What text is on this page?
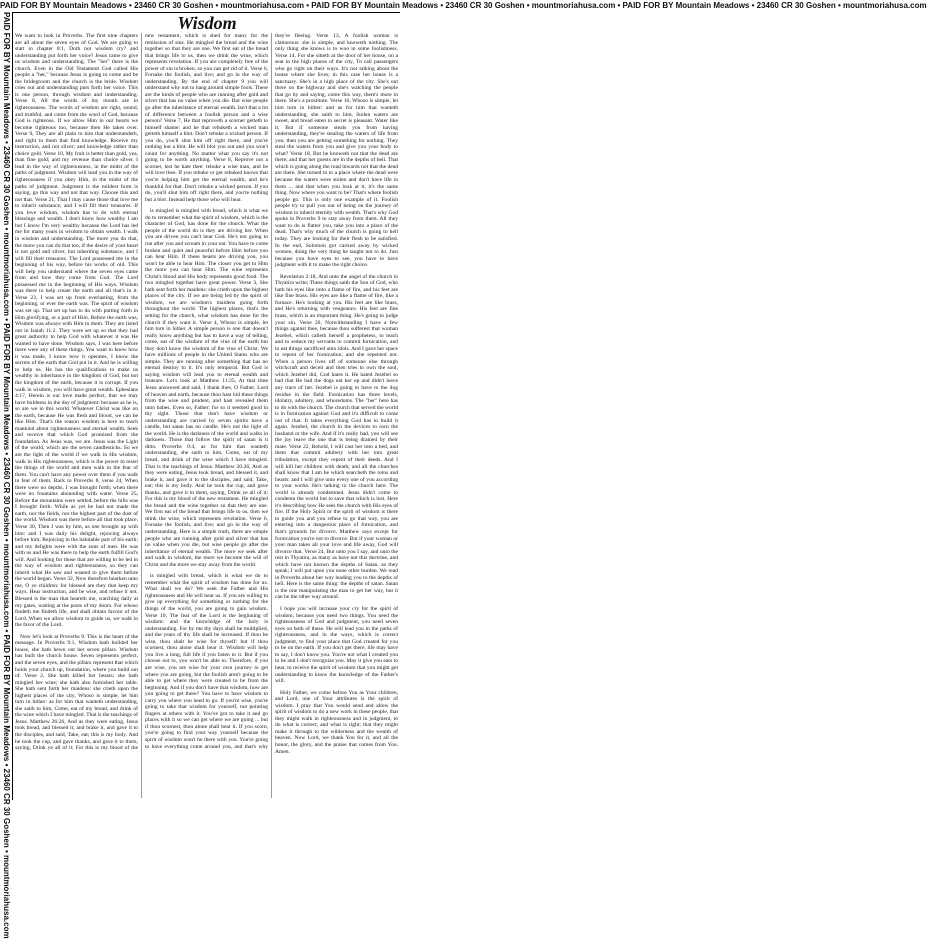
PAID FOR BY Mountain Meadows • 23460 CR 30 Goshen • mountmoriahusa.com • PAID FOR BY Mountain Meadows • 23460 CR 30 Goshen • mountmoriahusa.com • PAID FOR BY Mountain Meadows • 23460 CR 30 Goshen • mountmoriahusa.com
PAID FOR BY Mountain Meadows • 23460 CR 30 Goshen • mountmoriahusa.com • PAID FOR BY Mountain Meadows • 23460 CR 30 Goshen • mountmoriahusa.com • PAID FOR BY Mountain Meadows • 23460 CR 30 Goshen • mountmoriahusa.com	Wisdom

We want to look in Proverbs. The first nine chapters are all about the seven eyes of God. We are going to start in chapter 8:1, Doth not wisdom cry? and understanding put forth her voice? Jesus came to give us wisdom and understanding. The "her" there is the church. Even in the Old Testament God called His people a "her," because Jesus is going to come and be the bridegroom and the church is the bride. Wisdom cries out and understanding puts forth her voice. This is one person, through wisdom and understanding. Verse 8, All the words of my mouth are in righteousness. The words of wisdom are right, sound, and truthful, and come from the word of God, because God is righteous. If we allow Him in our hearts we become righteous too, because then He takes over. Verse 9, They are all plain to him that understandeth, and right to them that find knowledge. Receive my instruction, and not silver; and knowledge rather than choice gold. Verse 10, My fruit is better than gold, yea, than fine gold; and my revenue than choice silver. I lead in the way of righteousness, in the midst of the paths of judgment. Wisdom will lead you in the way of righteousness if you obey Him, in the midst of the paths of judgment. Judgment is the mildest form is saying, go this way and not that way. Choose this and not that. Verse 21, That I may cause those that love me to inherit substance; and I will fill their treasures. If you love wisdom, wisdom has to do with eternal blessings and wealth. I don't know how wealthy I am but I know I'm very wealthy because the Lord has led me for many years in wisdom to obtain wealth. I walk in wisdom and understanding. The more you do that, the more you can do that too, if the desire of your heart is not gold and silver, but inheriting substance, and I will fill their treasures. The Lord possessed me in the beginning of his way, before his works of old. This will help you understand where the seven eyes came from and how they come from God. The Lord possessed me in the beginning of His ways. Wisdom was there to help create the earth and all that's in it. Verse 23, I was set up from everlasting, from the beginning, or ever the earth was. The spirit of wisdom was set up. That set up has to do with putting forth in Him glorifying, or a part of Him. Before the earth was, Wisdom was always with Him in them. They are listed out in Isaiah 11:2. They were set up so that they had great authority to help God with whatever it was He wanted to have done. Wisdom says, I was here before there were any of these things. You want to know how it was made, I know how it operates, I know the secrets of the earth that God put in it. And he is willing to help us. He has the qualifications to make us wealthy in inheritance in the kingdom of God, but not the kingdom of the earth, because it is corrupt. If you walk in wisdom, you will have great wealth. Ephesians 4:17, Herein is our love made perfect, that we may have boldness in the day of judgment: because as he is, so are we in this world. Whatever Christ was like on the earth, because He was flesh and blood, we can be like Him. That's the reason wisdom is here to teach mankind about righteousness and eternal wealth. Seek and receive that which God promised from the foundation. As Jesus was, we are. Jesus was the Light of the world, which are the seven candlesticks. So we are the light of the world if we walk in His wisdom, walk in His righteousness, which is the power to resist the things of the world and men walk in the fear of them. You can't have any power over them if you walk in fear of them. Back to Proverbs 8, verse 24, When there were no depths, I was brought forth; when there were no fountains abounding with water. Verse 25, Before the mountains were settled, before the hills was I brought forth: While as yet he had not made the earth, nor the fields, nor the highest part of the dust of the world. Wisdom was there before all that took place. Verse 30, Then I was by him, as one brought up with him: and I was daily his delight, rejoicing always before him; Rejoicing in the habitable part of his earth; and my delights were with the sons of men. He was with us and He was there to help the earth fulfill God's will. And looking for those that are willing to be led in the way of wisdom and righteousness, so they can inherit what He saw and wanted to give them before the world began. Verse 32, Now therefore hearken unto me, O ye children: for blessed are they that keep my ways. Hear instruction, and be wise, and refuse it not. Blessed is the man that heareth me, watching daily at my gates, waiting at the posts of my doors. For whoso findeth me findeth life, and shall obtain favour of the Lord. When we allow wisdom to guide us, we walk in the favor of the Lord.

Now let's look at Proverbs 9. This is the heart of the message. In Proverbs 9:1, Wisdom hath builded her house, she hath hewn out her seven pillars. Wisdom has built the church house. Seven represents perfect, and the seven eyes, and the pillars represent that which holds your church up, foundation, where you build out of. Verse 2, She hath killed her beasts; she hath mingled her wine; she hath also furnished her table. She hath sent forth her maidens: she crieth upon the highest places of the city, Whoso is simple, let him turn in hither: as for him that wanteth understanding, she saith to him, Come, eat of my bread, and drink of the wine which I have mingled. That is the teachings of Jesus. Matthew 26:26, And as they were eating, Jesus took bread, and blessed it, and brake it, and gave it to the disciples, and said, Take, eat; this is my body. And he took the cup, and gave thanks, and gave it to them, saying, Drink ye all of it; For this is my blood of the new testament, which is shed for many for the remission of sins. He mingled the bread and the wine together so that they are one. We first eat of the bread that brings life to us, then we drink the wine, which represents revelation. If you are completely free of the power of sin is broken, so you can get rid of it. Verse 6, Forsake the foolish, and live; and go in the way of understanding. By the end of chapter 9 you will understand why not to hang around simple fools. These are the kinds of people who are running after gold and silver that has no value when you die. But wise people go after the inheritance of eternal wealth. Isn't that a lot of difference between a foolish person and a wise person? Verse 7, He that reproveth a scorner getteth to himself shame: and he that rebuketh a wicked man getteth himself a blot. Don't rebuke a wicked person. If you do, you'll shut him off right there, and you're nothing but a blot. He will blot you out and you won't count for anything. No matter what you say it's not going to be worth anything. Verse 8, Reprove not a scorner, lest he hate thee: rebuke a wise man, and he will love thee. If you rebuke or get rebuked knows that you're helping him get the eternal wealth, and he's thankful for that. Don't rebuke a wicked person. If you do, you'll shut him off right there, and you're nothing but a blot. Instead help those who will hear.

is mingled is mingled with bread, which is what we do to remember what the spirit of wisdom, which is the character of God, has done for the church. What the people of the world do is they are driving her. When you are driven you can't hear God. He's not going to run after you and scream in your ear. You have to come broken and quiet and peaceful before Him before you can hear Him. If these beasts are driving you, you won't be able to hear Him. The closer you get to Him the more you can hear Him. The wine represents Christ's blood and His body represents good food. The two mingled together have great power. Verse 3, She hath sent forth her maidens: she crieth upon the highest places of the city. If we are being led by the spirit of wisdom, we are wisdom's maidens going forth throughout the world. The highest places, that's the setting for the church, what wisdom has done for the church if they want it. Verse 4, Whoso is simple, let him turn in hither. A simple person is one that doesn't really know anything but has to have a way of telling, come, eat of the wisdom of the vine of the earth but they don't know the wisdom of the vine of Christ. We have millions of people in the United States who are simple. They are running after something that has no eternal destiny to it. It's only temporal. But God is saying wisdom will lead you to eternal wealth and treasure. Let's look at Matthew 11:25, At that time Jesus answered and said, I thank thee, O Father, Lord of heaven and earth, because thou hast hid these things from the wise and prudent, and hast revealed them unto babes. Even so, Father: for so it seemed good in thy sight. Those that don't have wisdom or understanding are carried by seven spirits have a candle, but satan has no candle. He's not the light of the world. He is the darkness of the world and walks in darkness. Those that follow the spirit of satan is it ditto. Proverbs 9:4, as for him that wanteth understanding, she saith to him, Come, eat of my bread, and drink of the wine which I have mingled. That is the teachings of Jesus. Matthew 26:26, And as they were eating, Jesus took bread, and blessed it, and brake it, and gave it to the disciples, and said, Take, eat; this is my body. And he took the cup, and gave thanks, and gave it to them, saying, Drink ye all of it; For this is my blood of the new testament. He mingled the bread and the wine together so that they are one. We first eat of the bread that brings life to us, then we drink the wine, which represents revelation. Verse 6, Forsake the foolish, and live; and go in the way of understanding. Here is a simple truth, there are simple people who are running after gold and silver that has no value when you die, but wise people go after the inheritance of eternal wealth. The more we seek after and walk in wisdom, the more we become the will of Christ and the more we stay away from the world.

is mingled with bread, which is what we do to remember what the spirit of wisdom has done for us. What shall we do? We seek the Father and His righteousness and He will hear us. If you are willing to give up everything for something or nothing for the things of the world, you are going to gain wisdom. Verse 10, The fear of the Lord is the beginning of wisdom: and the knowledge of the holy is understanding. For by me thy days shall be multiplied, and the years of thy life shall be increased. If thou be wise, thou shalt be wise for thyself: but if thou scornest, thou alone shalt bear it. Wisdom will help you live a long, full life if you listen to it. But if you choose not to, you won't be able to. Therefore, if you are wise, you are wise for your own journey to get where you are going, but the foolish aren't going to be able to get where they were created to be from the beginning. And if you don't have that wisdom, how are you going to get there? You have to have wisdom to carry you where you need to go. If you're wise, you're going to take that wisdom for yourself, not pointing fingers at others with it. You've got to take it and go places with it so we can get where we are going ... but if thou scornest, thou alone shall bear it. If you scorn, you're going to find your way yourself because the spirit of wisdom won't be there with you. You're going to have everything come around you, and that's why they're fleeing. Verse 13, A foolish woman is clamorous: she is simple, and knoweth nothing. The only thing she knows is to woo in some foolishness. Verse 14, For she sitteth at the door of her house, on a seat in the high places of the city, To call passengers who go right on their ways. It's not talking about the house where she lives; in this case her house is a sanctuary. She's in a high place of the city. She's out there on the highway and she's watching the people that go by and saying, come this way, there's more in there. She's a prostitute. Verse 16, Whoso is simple, let him turn in hither: and as for him that wanteth understanding, she saith to him, Stolen waters are sweet, and bread eaten in secret is pleasant. Water like it, But if someone steals you from having understanding, they're stealing the waters of life from you, then you are getting something for nothing. They steal the waters from you and give you your body to what? Verse 18, But he knoweth not that the dead are there; and that her guests are in the depths of hell. That which is going along the road inwards not that the dead are there. She turned in to a place where the dead were because the waters were stolen and don't have life in them ... and that when you look at it, it's the same thing. Now where you want to be? That's where foolish people go. This is only one example of it. Foolish people try to pull you out of being on the journey of wisdom to inherit eternity with wealth. That's why God spoke in Proverbs 9 to stay away from them. All they want to do is flatter you, take you into a place of the dead. That's why much of the church is going to hell today. They are looking for their flesh to be satisfied. In the end, Solomon got carried away by wicked women, doing the very thing he taught not to do. Just because you have eyes to see, you have to have judgment with it to make the right choice.

Revelation 2:18, And unto the angel of the church in Thyatira write; These things saith the Son of God, who hath his eyes like unto a flame of fire, and his feet are like fine brass. His eyes are like a flame of fire, like a furnace. He's looking at you. His feet are like brass, and He's returning with vengeance. His feet are fine brass, which is an important thing. He's going to judge your sin. Verse 20, Notwithstanding I have a few things against thee, because thou sufferest that woman Jezebel, which calleth herself a prophetess, to teach and to seduce my servants to commit fornication, and to eat things sacrificed unto idols. And I gave her space to repent of her fornication; and she repented not. When a person lives off of someone else through witchcraft and deceit and then tries to own the soul, which Jezebel did, God hates it. He hated Jezebel so bad that He had the dogs eat her up and didn't leave any trace of her. Jezebel is going to have to the dog residue in the field. Fornication has three levels, idolatry, adultery, and whoredoms. The "her" here has to do with the church. The church that served the world is in fornication against God and it's difficult to come out of that. It takes everything God has to build it again. Jezebel, the church in the devices to own the husband or the wife. And if it's really bad, you will see the joy leave the one that is being drained by their mate. Verse 22, Behold, I will cast her into a bed, and them that commit adultery with her into great tribulation, except they repent of their deeds. And I will kill her children with death; and all the churches shall know that I am he which searcheth the reins and hearts: and I will give unto every one of you according to your works. He's talking to the church here. The world is already condemned. Jesus didn't come to condemn the world but to save that which is lost. Here it's describing how He sees the church with His eyes of fire. If the Holy Spirit or the spirit of wisdom is there to guide you and you refuse to go that way, you are entering into a dangerous place of fornication, and that's grounds for divorce. Matthew says except for fornication you're not to divorce. But if your woman or your man takes all your love and life away, God will divorce that. Verse 24, But unto you I say, and unto the rest in Thyatira, as many as have not this doctrine, and which have not known the depths of Satan, as they speak; I will put upon you none other burden. We read in Proverbs about her way leading you to the depths of hell. Here is the same thing: the depths of satan. Satan is the one manipulating the man to get her way, but it can be the other way around.

I hope you will increase your cry for the spirit of wisdom, because you need two things. You need the righteousness of God and judgment, you need seven eyes on both of these. He will lead you in the paths of righteousness, and in the ways, which is correct judgment, to find your place that God created for you to be on the earth. If you don't get there, life may have to say, I don't know you. You're not what I created you to be and I don't recognize you. May it give you ears to hear, to receive the spirit of wisdom that you might get understanding to know the knowledge of the Father's will.

Holy Father, we come before You as Your children, and Lord, one of Your attributes is the spirit of wisdom. I pray that You would send and allow the spirit of wisdom to do a new work in these people, that they might walk in righteousness and in judgment, to do what is correct, and what is right; that they might make it through to the wilderness and the wealth of heaven. Now Lord, we thank You for it, and all the honor, the glory, and the praise that comes from You. Amen.
